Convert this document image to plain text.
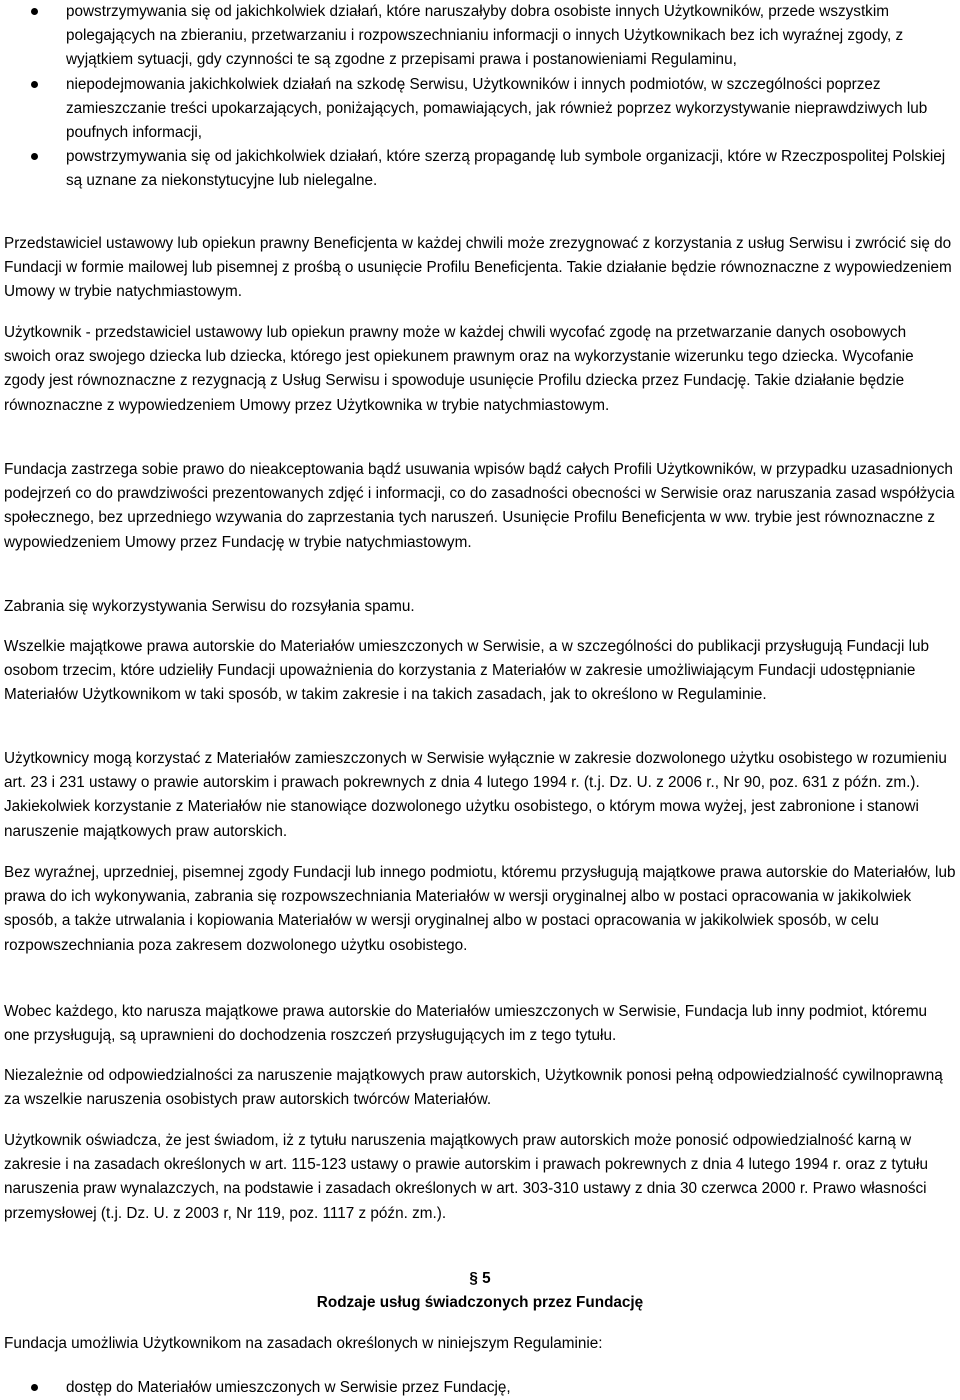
powstrzymywania się od jakichkolwiek działań, które naruszałyby dobra osobiste innych Użytkowników, przede wszystkim polegających na zbieraniu, przetwarzaniu i rozpowszechnianiu informacji o innych Użytkownikach bez ich wyraźnej zgody, z wyjątkiem sytuacji, gdy czynności te są zgodne z przepisami prawa i postanowieniami Regulaminu,
niepodejmowania jakichkolwiek działań na szkodę Serwisu, Użytkowników i innych podmiotów, w szczególności poprzez zamieszczanie treści upokarzających, poniżających, pomawiających, jak również poprzez wykorzystywanie nieprawdziwych lub poufnych informacji,
powstrzymywania się od jakichkolwiek działań, które szerzą propagandę lub symbole organizacji, które w Rzeczpospolitej Polskiej są uznane za niekonstytucyjne lub nielegalne.

Przedstawiciel ustawowy lub opiekun prawny Beneficjenta w każdej chwili może zrezygnować z korzystania z usług Serwisu i zwrócić się do Fundacji w formie mailowej lub pisemnej z prośbą o usunięcie Profilu Beneficjenta. Takie działanie będzie równoznaczne z wypowiedzeniem Umowy w trybie natychmiastowym.

Użytkownik - przedstawiciel ustawowy lub opiekun prawny może w każdej chwili wycofać zgodę na przetwarzanie danych osobowych swoich oraz swojego dziecka lub dziecka, którego jest opiekunem prawnym oraz na wykorzystanie wizerunku tego dziecka. Wycofanie zgody jest równoznaczne z rezygnacją z Usług Serwisu i spowoduje usunięcie Profilu dziecka przez Fundację. Takie działanie będzie równoznaczne z wypowiedzeniem Umowy przez Użytkownika w trybie natychmiastowym.

Fundacja zastrzega sobie prawo do nieakceptowania bądź usuwania wpisów bądź całych Profili Użytkowników, w przypadku uzasadnionych podejrzeń co do prawdziwości prezentowanych zdjęć i informacji, co do zasadności obecności w Serwisie oraz naruszania zasad współżycia społecznego, bez uprzedniego wzywania do zaprzestania tych naruszeń. Usunięcie Profilu Beneficjenta w ww. trybie jest równoznaczne z wypowiedzeniem Umowy przez Fundację w trybie natychmiastowym.

Zabrania się wykorzystywania Serwisu do rozsyłania spamu.

Wszelkie majątkowe prawa autorskie do Materiałów umieszczonych w Serwisie, a w szczególności do publikacji przysługują Fundacji lub osobom trzecim, które udzieliły Fundacji upoważnienia do korzystania z Materiałów w zakresie umożliwiającym Fundacji udostępnianie Materiałów Użytkownikom w taki sposób, w takim zakresie i na takich zasadach, jak to określono w Regulaminie.

Użytkownicy mogą korzystać z Materiałów zamieszczonych w Serwisie wyłącznie w zakresie dozwolonego użytku osobistego w rozumieniu art. 23 i 231 ustawy o prawie autorskim i prawach pokrewnych z dnia 4 lutego 1994 r. (t.j. Dz. U. z 2006 r., Nr 90, poz. 631 z późn. zm.). Jakiekolwiek korzystanie z Materiałów nie stanowiące dozwolonego użytku osobistego, o którym mowa wyżej, jest zabronione i stanowi naruszenie majątkowych praw autorskich.

Bez wyraźnej, uprzedniej, pisemnej zgody Fundacji lub innego podmiotu, któremu przysługują majątkowe prawa autorskie do Materiałów, lub prawa do ich wykonywania, zabrania się rozpowszechniania Materiałów w wersji oryginalnej albo w postaci opracowania w jakikolwiek sposób, a także utrwalania i kopiowania Materiałów w wersji oryginalnej albo w postaci opracowania w jakikolwiek sposób, w celu rozpowszechniania poza zakresem dozwolonego użytku osobistego.

Wobec każdego, kto narusza majątkowe prawa autorskie do Materiałów umieszczonych w Serwisie, Fundacja lub inny podmiot, któremu one przysługują, są uprawnieni do dochodzenia roszczeń przysługujących im z tego tytułu.

Niezależnie od odpowiedzialności za naruszenie majątkowych praw autorskich, Użytkownik ponosi pełną odpowiedzialność cywilnoprawną za wszelkie naruszenia osobistych praw autorskich twórców Materiałów.

Użytkownik oświadcza, że jest świadom, iż z tytułu naruszenia majątkowych praw autorskich może ponosić odpowiedzialność karną w zakresie i na zasadach określonych w art. 115-123 ustawy o prawie autorskim i prawach pokrewnych z dnia 4 lutego 1994 r. oraz z tytułu naruszenia praw wynalazczych, na podstawie i zasadach określonych w art. 303-310 ustawy z dnia 30 czerwca 2000 r. Prawo własności przemysłowej (t.j. Dz. U. z 2003 r, Nr 119, poz. 1117 z późn. zm.).

§ 5

Rodzaje usług świadczonych przez Fundację

Fundacja umożliwia Użytkownikom na zasadach określonych w niniejszym Regulaminie:

dostęp do Materiałów umieszczonych w Serwisie przez Fundację,
